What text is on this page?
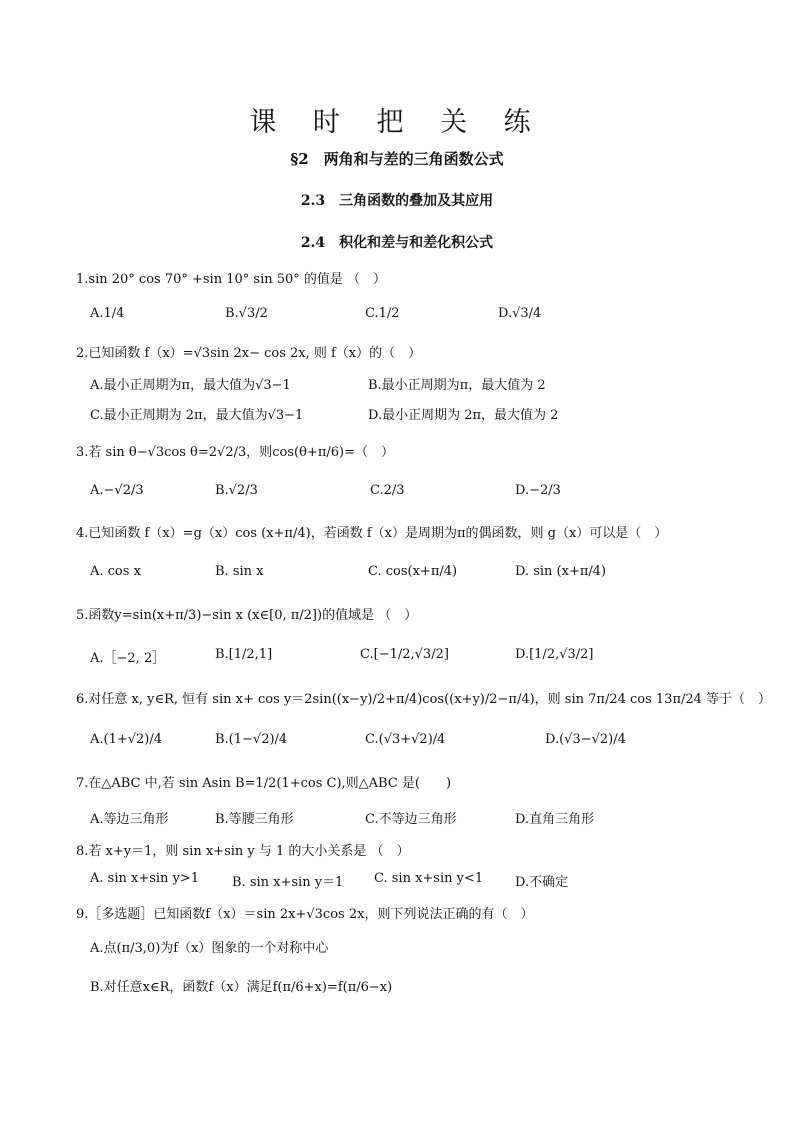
课 时 把 关 练
§2　两角和与差的三角函数公式
2.3　三角函数的叠加及其应用
2.4　积化和差与和差化积公式
1.sin 20° cos 70° +sin 10° sin 50° 的值是 （　）
A.1/4	B.√3/2	C.1/2	D.√3/4
2.已知函数 f（x）=√3sin 2x− cos 2x, 则 f（x）的（　）
A.最小正周期为π，最大值为√3−1	B.最小正周期为π，最大值为 2
C.最小正周期为 2π，最大值为√3−1	D.最小正周期为 2π，最大值为 2
3.若 sin θ−√3cos θ=2√2/3，则cos(θ+π/6)=（　）
A.−√2/3	B.√2/3	C.2/3	D.−2/3
4.已知函数 f（x）=g（x）cos (x+π/4)，若函数 f（x）是周期为π的偶函数，则 g（x）可以是（　）
A. cos x	B. sin x	C. cos(x+π/4)	D. sin (x+π/4)
5.函数y=sin(x+π/3)−sin x (x∈[0, π/2])的值域是 （　）
A.［−2, 2］	B.[1/2,1]	C.[−1/2,√3/2]	D.[1/2,√3/2]
6.对任意 x, y∈R, 恒有 sin x+ cos y＝2sin((x−y)/2+π/4)cos((x+y)/2−π/4)，则 sin 7π/24 cos 13π/24 等于（　）
A.(1+√2)/4	B.(1−√2)/4	C.(√3+√2)/4	D.(√3−√2)/4
7.在△ABC 中,若 sin Asin B=1/2(1+cos C),则△ABC 是(　　)
A.等边三角形	B.等腰三角形	C.不等边三角形	D.直角三角形
8.若 x+y＝1，则 sin x+sin y 与 1 的大小关系是 （　）
A. sin x+sin y>1	B. sin x+sin y＝1 C. sin x+sin y<1 D.不确定
9.［多选题］已知函数f（x）＝sin 2x+√3cos 2x，则下列说法正确的有（　）
A.点(π/3,0)为f（x）图象的一个对称中心
B.对任意x∈R，函数f（x）满足f(π/6+x)=f(π/6−x)
